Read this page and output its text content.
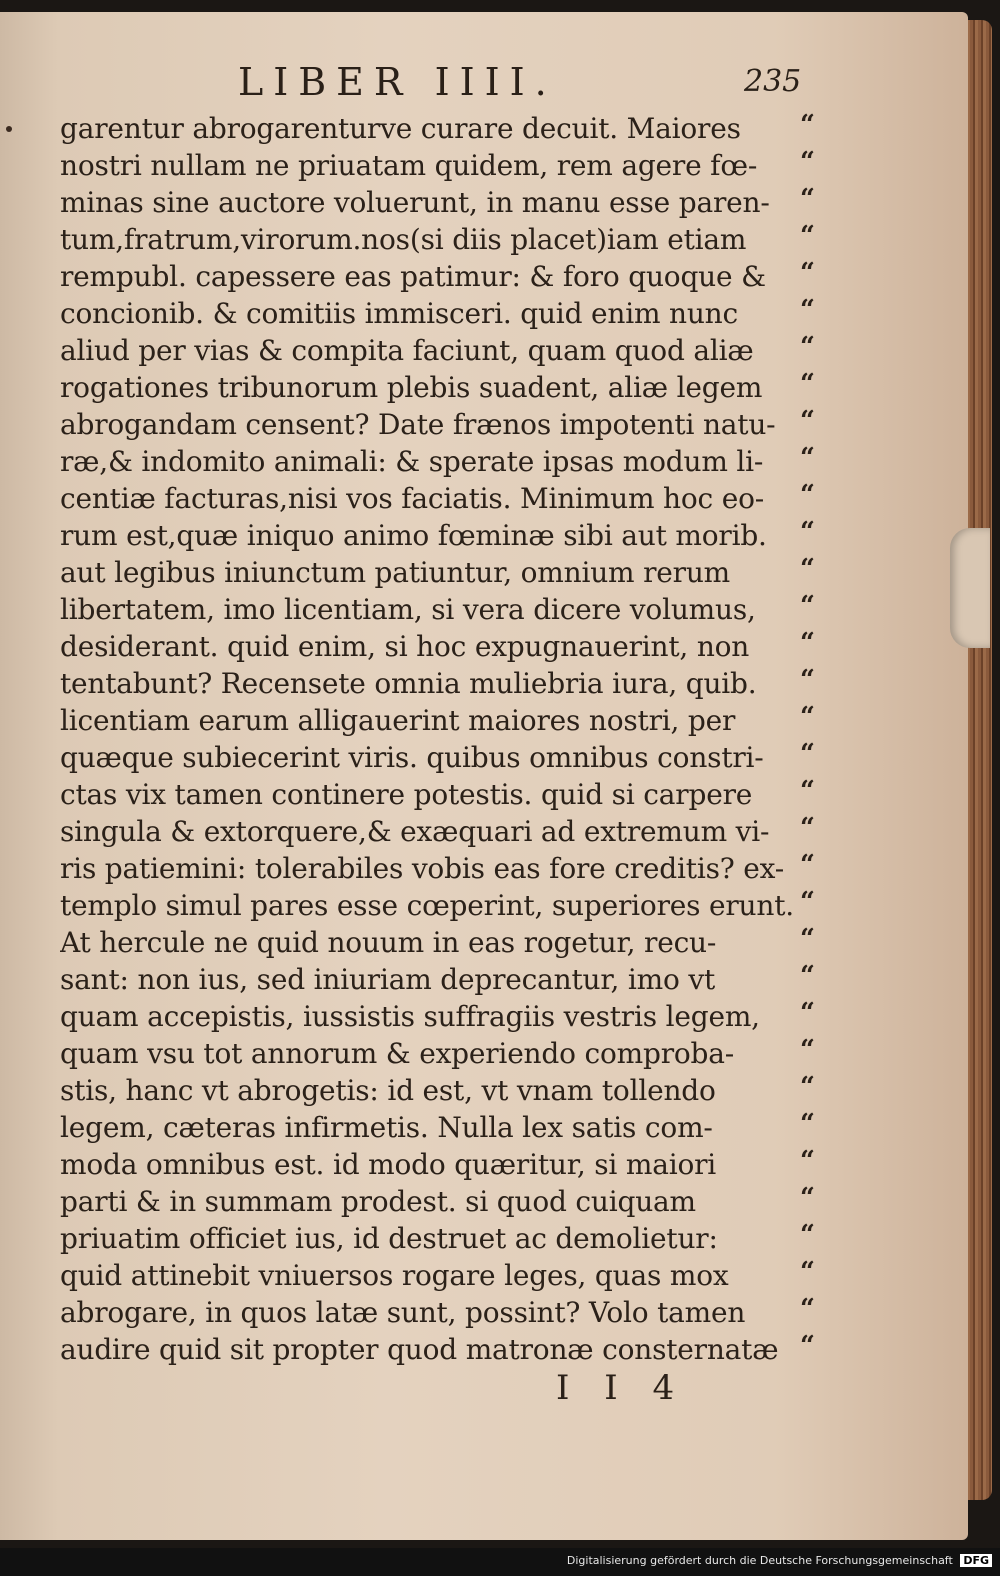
LIBER IIII.	235
garentur abrogarenturve curare decuit. Maiores
nostri nullam ne priuatam quidem, rem agere fœ-
minas sine auctore voluerunt, in manu esse paren-
tum,fratrum,virorum.nos(si diis placet)iam etiam
rempubl. capessere eas patimur: & foro quoque &
concionib. & comitiis immisceri. quid enim nunc
aliud per vias & compita faciunt, quam quod aliæ
rogationes tribunorum plebis suadent, aliæ legem
abrogandam censent? Date frænos impotenti natu-
ræ,& indomito animali: & sperate ipsas modum li-
centiæ facturas,nisi vos faciatis. Minimum hoc eo-
rum est,quæ iniquo animo fœminæ sibi aut morib.
aut legibus iniunctum patiuntur, omnium rerum
libertatem, imo licentiam, si vera dicere volumus,
desiderant. quid enim, si hoc expugnauerint, non
tentabunt? Recensete omnia muliebria iura, quib.
licentiam earum alligauerint maiores nostri, per
quæque subiecerint viris. quibus omnibus constri-
ctas vix tamen continere potestis. quid si carpere
singula & extorquere,& exæquari ad extremum vi-
ris patiemini: tolerabiles vobis eas fore creditis? ex-
templo simul pares esse cœperint, superiores erunt.
At hercule ne quid nouum in eas rogetur, recu-
sant: non ius, sed iniuriam deprecantur, imo vt
quam accepistis, iussistis suffragiis vestris legem,
quam vsu tot annorum & experiendo comproba-
stis, hanc vt abrogetis: id est, vt vnam tollendo
legem, cæteras infirmetis. Nulla lex satis com-
moda omnibus est. id modo quæritur, si maiori
parti & in summam prodest. si quod cuiquam
priuatim officiet ius, id destruet ac demolietur:
quid attinebit vniuersos rogare leges, quas mox
abrogare, in quos latæ sunt, possint? Volo tamen
audire quid sit propter quod matronæ consternatæ
“
“
“
“
“
“
“
“
“
“
“
“
“
“
“
“
“
“
“
“
“
“
“
“
“
“
“
“
“
“
“
“
“
“
I I 4
Digitalisierung gefördert durch die Deutsche Forschungsgemeinschaft DFG
